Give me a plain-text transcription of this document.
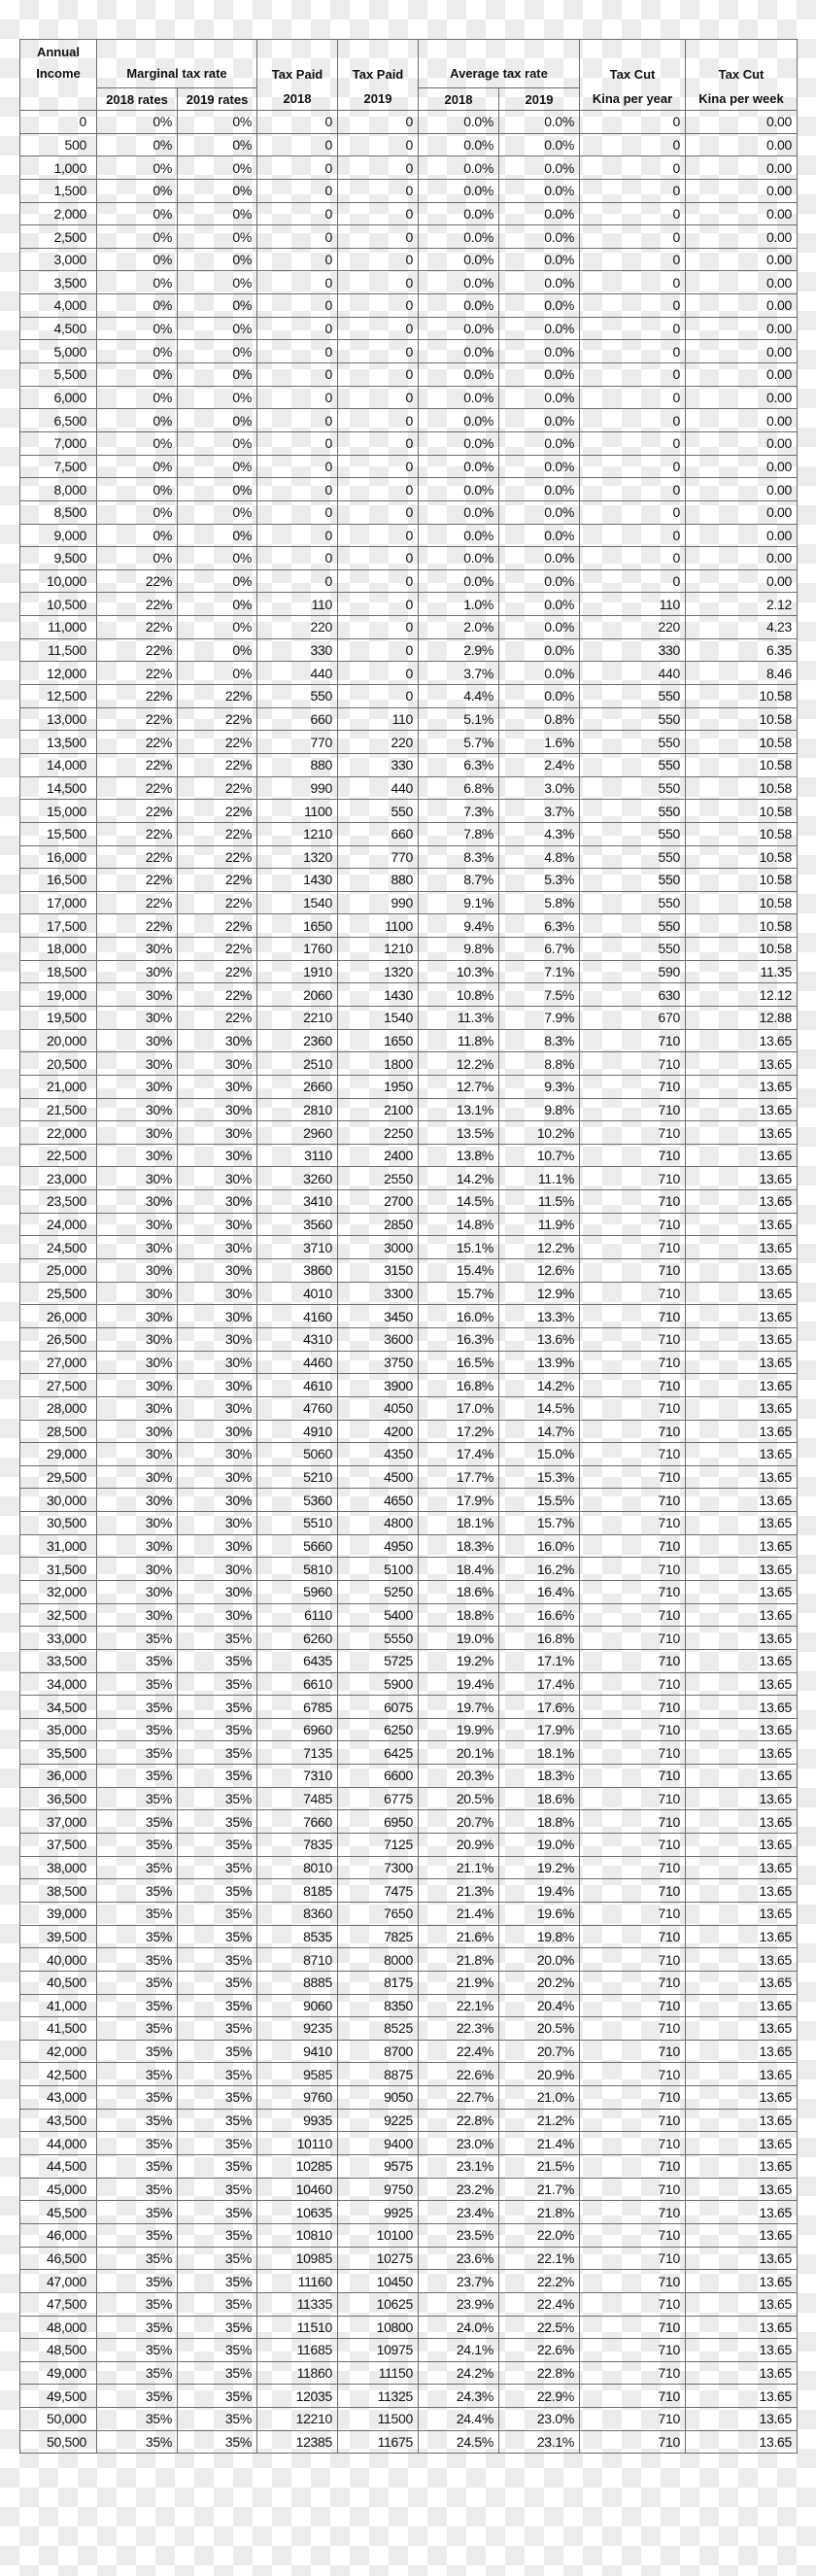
Annual Income	Marginal tax rate		Tax Paid	Tax Paid	Average tax rate		Tax Cut	Tax Cut
	2018 rates	2019 rates	2018	2019	2018	2019	Kina per year	Kina per week
0	0%	0%	0	0	0.0%	0.0%	0	0.00
500	0%	0%	0	0	0.0%	0.0%	0	0.00
1,000	0%	0%	0	0	0.0%	0.0%	0	0.00
1,500	0%	0%	0	0	0.0%	0.0%	0	0.00
2,000	0%	0%	0	0	0.0%	0.0%	0	0.00
2,500	0%	0%	0	0	0.0%	0.0%	0	0.00
3,000	0%	0%	0	0	0.0%	0.0%	0	0.00
3,500	0%	0%	0	0	0.0%	0.0%	0	0.00
4,000	0%	0%	0	0	0.0%	0.0%	0	0.00
4,500	0%	0%	0	0	0.0%	0.0%	0	0.00
5,000	0%	0%	0	0	0.0%	0.0%	0	0.00
5,500	0%	0%	0	0	0.0%	0.0%	0	0.00
6,000	0%	0%	0	0	0.0%	0.0%	0	0.00
6,500	0%	0%	0	0	0.0%	0.0%	0	0.00
7,000	0%	0%	0	0	0.0%	0.0%	0	0.00
7,500	0%	0%	0	0	0.0%	0.0%	0	0.00
8,000	0%	0%	0	0	0.0%	0.0%	0	0.00
8,500	0%	0%	0	0	0.0%	0.0%	0	0.00
9,000	0%	0%	0	0	0.0%	0.0%	0	0.00
9,500	0%	0%	0	0	0.0%	0.0%	0	0.00
10,000	22%	0%	0	0	0.0%	0.0%	0	0.00
10,500	22%	0%	110	0	1.0%	0.0%	110	2.12
11,000	22%	0%	220	0	2.0%	0.0%	220	4.23
11,500	22%	0%	330	0	2.9%	0.0%	330	6.35
12,000	22%	0%	440	0	3.7%	0.0%	440	8.46
12,500	22%	22%	550	0	4.4%	0.0%	550	10.58
13,000	22%	22%	660	110	5.1%	0.8%	550	10.58
13,500	22%	22%	770	220	5.7%	1.6%	550	10.58
14,000	22%	22%	880	330	6.3%	2.4%	550	10.58
14,500	22%	22%	990	440	6.8%	3.0%	550	10.58
15,000	22%	22%	1100	550	7.3%	3.7%	550	10.58
15,500	22%	22%	1210	660	7.8%	4.3%	550	10.58
16,000	22%	22%	1320	770	8.3%	4.8%	550	10.58
16,500	22%	22%	1430	880	8.7%	5.3%	550	10.58
17,000	22%	22%	1540	990	9.1%	5.8%	550	10.58
17,500	22%	22%	1650	1100	9.4%	6.3%	550	10.58
18,000	30%	22%	1760	1210	9.8%	6.7%	550	10.58
18,500	30%	22%	1910	1320	10.3%	7.1%	590	11.35
19,000	30%	22%	2060	1430	10.8%	7.5%	630	12.12
19,500	30%	22%	2210	1540	11.3%	7.9%	670	12.88
20,000	30%	30%	2360	1650	11.8%	8.3%	710	13.65
20,500	30%	30%	2510	1800	12.2%	8.8%	710	13.65
21,000	30%	30%	2660	1950	12.7%	9.3%	710	13.65
21,500	30%	30%	2810	2100	13.1%	9.8%	710	13.65
22,000	30%	30%	2960	2250	13.5%	10.2%	710	13.65
22,500	30%	30%	3110	2400	13.8%	10.7%	710	13.65
23,000	30%	30%	3260	2550	14.2%	11.1%	710	13.65
23,500	30%	30%	3410	2700	14.5%	11.5%	710	13.65
24,000	30%	30%	3560	2850	14.8%	11.9%	710	13.65
24,500	30%	30%	3710	3000	15.1%	12.2%	710	13.65
25,000	30%	30%	3860	3150	15.4%	12.6%	710	13.65
25,500	30%	30%	4010	3300	15.7%	12.9%	710	13.65
26,000	30%	30%	4160	3450	16.0%	13.3%	710	13.65
26,500	30%	30%	4310	3600	16.3%	13.6%	710	13.65
27,000	30%	30%	4460	3750	16.5%	13.9%	710	13.65
27,500	30%	30%	4610	3900	16.8%	14.2%	710	13.65
28,000	30%	30%	4760	4050	17.0%	14.5%	710	13.65
28,500	30%	30%	4910	4200	17.2%	14.7%	710	13.65
29,000	30%	30%	5060	4350	17.4%	15.0%	710	13.65
29,500	30%	30%	5210	4500	17.7%	15.3%	710	13.65
30,000	30%	30%	5360	4650	17.9%	15.5%	710	13.65
30,500	30%	30%	5510	4800	18.1%	15.7%	710	13.65
31,000	30%	30%	5660	4950	18.3%	16.0%	710	13.65
31,500	30%	30%	5810	5100	18.4%	16.2%	710	13.65
32,000	30%	30%	5960	5250	18.6%	16.4%	710	13.65
32,500	30%	30%	6110	5400	18.8%	16.6%	710	13.65
33,000	35%	35%	6260	5550	19.0%	16.8%	710	13.65
33,500	35%	35%	6435	5725	19.2%	17.1%	710	13.65
34,000	35%	35%	6610	5900	19.4%	17.4%	710	13.65
34,500	35%	35%	6785	6075	19.7%	17.6%	710	13.65
35,000	35%	35%	6960	6250	19.9%	17.9%	710	13.65
35,500	35%	35%	7135	6425	20.1%	18.1%	710	13.65
36,000	35%	35%	7310	6600	20.3%	18.3%	710	13.65
36,500	35%	35%	7485	6775	20.5%	18.6%	710	13.65
37,000	35%	35%	7660	6950	20.7%	18.8%	710	13.65
37,500	35%	35%	7835	7125	20.9%	19.0%	710	13.65
38,000	35%	35%	8010	7300	21.1%	19.2%	710	13.65
38,500	35%	35%	8185	7475	21.3%	19.4%	710	13.65
39,000	35%	35%	8360	7650	21.4%	19.6%	710	13.65
39,500	35%	35%	8535	7825	21.6%	19.8%	710	13.65
40,000	35%	35%	8710	8000	21.8%	20.0%	710	13.65
40,500	35%	35%	8885	8175	21.9%	20.2%	710	13.65
41,000	35%	35%	9060	8350	22.1%	20.4%	710	13.65
41,500	35%	35%	9235	8525	22.3%	20.5%	710	13.65
42,000	35%	35%	9410	8700	22.4%	20.7%	710	13.65
42,500	35%	35%	9585	8875	22.6%	20.9%	710	13.65
43,000	35%	35%	9760	9050	22.7%	21.0%	710	13.65
43,500	35%	35%	9935	9225	22.8%	21.2%	710	13.65
44,000	35%	35%	10110	9400	23.0%	21.4%	710	13.65
44,500	35%	35%	10285	9575	23.1%	21.5%	710	13.65
45,000	35%	35%	10460	9750	23.2%	21.7%	710	13.65
45,500	35%	35%	10635	9925	23.4%	21.8%	710	13.65
46,000	35%	35%	10810	10100	23.5%	22.0%	710	13.65
46,500	35%	35%	10985	10275	23.6%	22.1%	710	13.65
47,000	35%	35%	11160	10450	23.7%	22.2%	710	13.65
47,500	35%	35%	11335	10625	23.9%	22.4%	710	13.65
48,000	35%	35%	11510	10800	24.0%	22.5%	710	13.65
48,500	35%	35%	11685	10975	24.1%	22.6%	710	13.65
49,000	35%	35%	11860	11150	24.2%	22.8%	710	13.65
49,500	35%	35%	12035	11325	24.3%	22.9%	710	13.65
50,000	35%	35%	12210	11500	24.4%	23.0%	710	13.65
50,500	35%	35%	12385	11675	24.5%	23.1%	710	13.65
